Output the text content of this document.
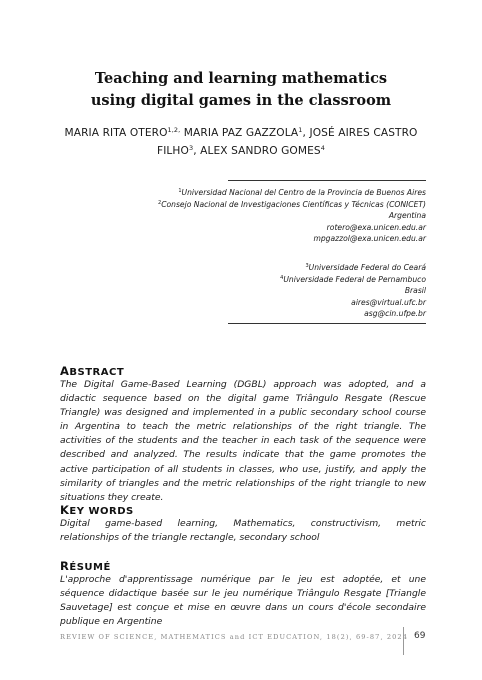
Teaching and learning mathematics
using digital games in the classroom
MARIA RITA $OTERO^{1,2,}$ MARIA PAZ GAZZOLA$^1$, JOSÉ AIRES CASTRO
FILHO$^3$, ALEX SANDRO GOMES$^4$
$^1$Universidad Nacional del Centro de la Provincia de Buenos Aires
$^2$Consejo Nacional de Investigaciones Científicas y Técnicas (CONICET)
Argentina
rotero@exa.unicen.edu.ar
mpgazzol@exa.unicen.edu.ar
$^3$Universidade Federal do Ceará
$^4$Universidade Federal de Pernambuco
Brasil
aires@virtual.ufc.br
asg@cin.ufpe.br
ABSTRACT
The Digital Game-Based Learning (DGBL) approach was adopted, and a didactic sequence based on the digital game Triângulo Resgate (Rescue Triangle) was designed and implemented in a public secondary school course in Argentina to teach the metric relationships of the right triangle. The activities of the students and the teacher in each task of the sequence were described and analyzed. The results indicate that the game promotes the active participation of all students in classes, who use, justify, and apply the similarity of triangles and the metric relationships of the right triangle to new situations they create.
KEY WORDS
Digital game-based learning, Mathematics, constructivism, metric relationships of the triangle rectangle, secondary school
RÉSUMÉ
L'approche d'apprentissage numérique par le jeu est adoptée, et une séquence didactique basée sur le jeu numérique Triângulo Resgate [Triangle Sauvetage] est conçue et mise en œuvre dans un cours d'école secondaire publique en Argentine
REVIEW OF SCIENCE, MATHEMATICS and ICT EDUCATION, 18(2), 69-87, 2024 69
